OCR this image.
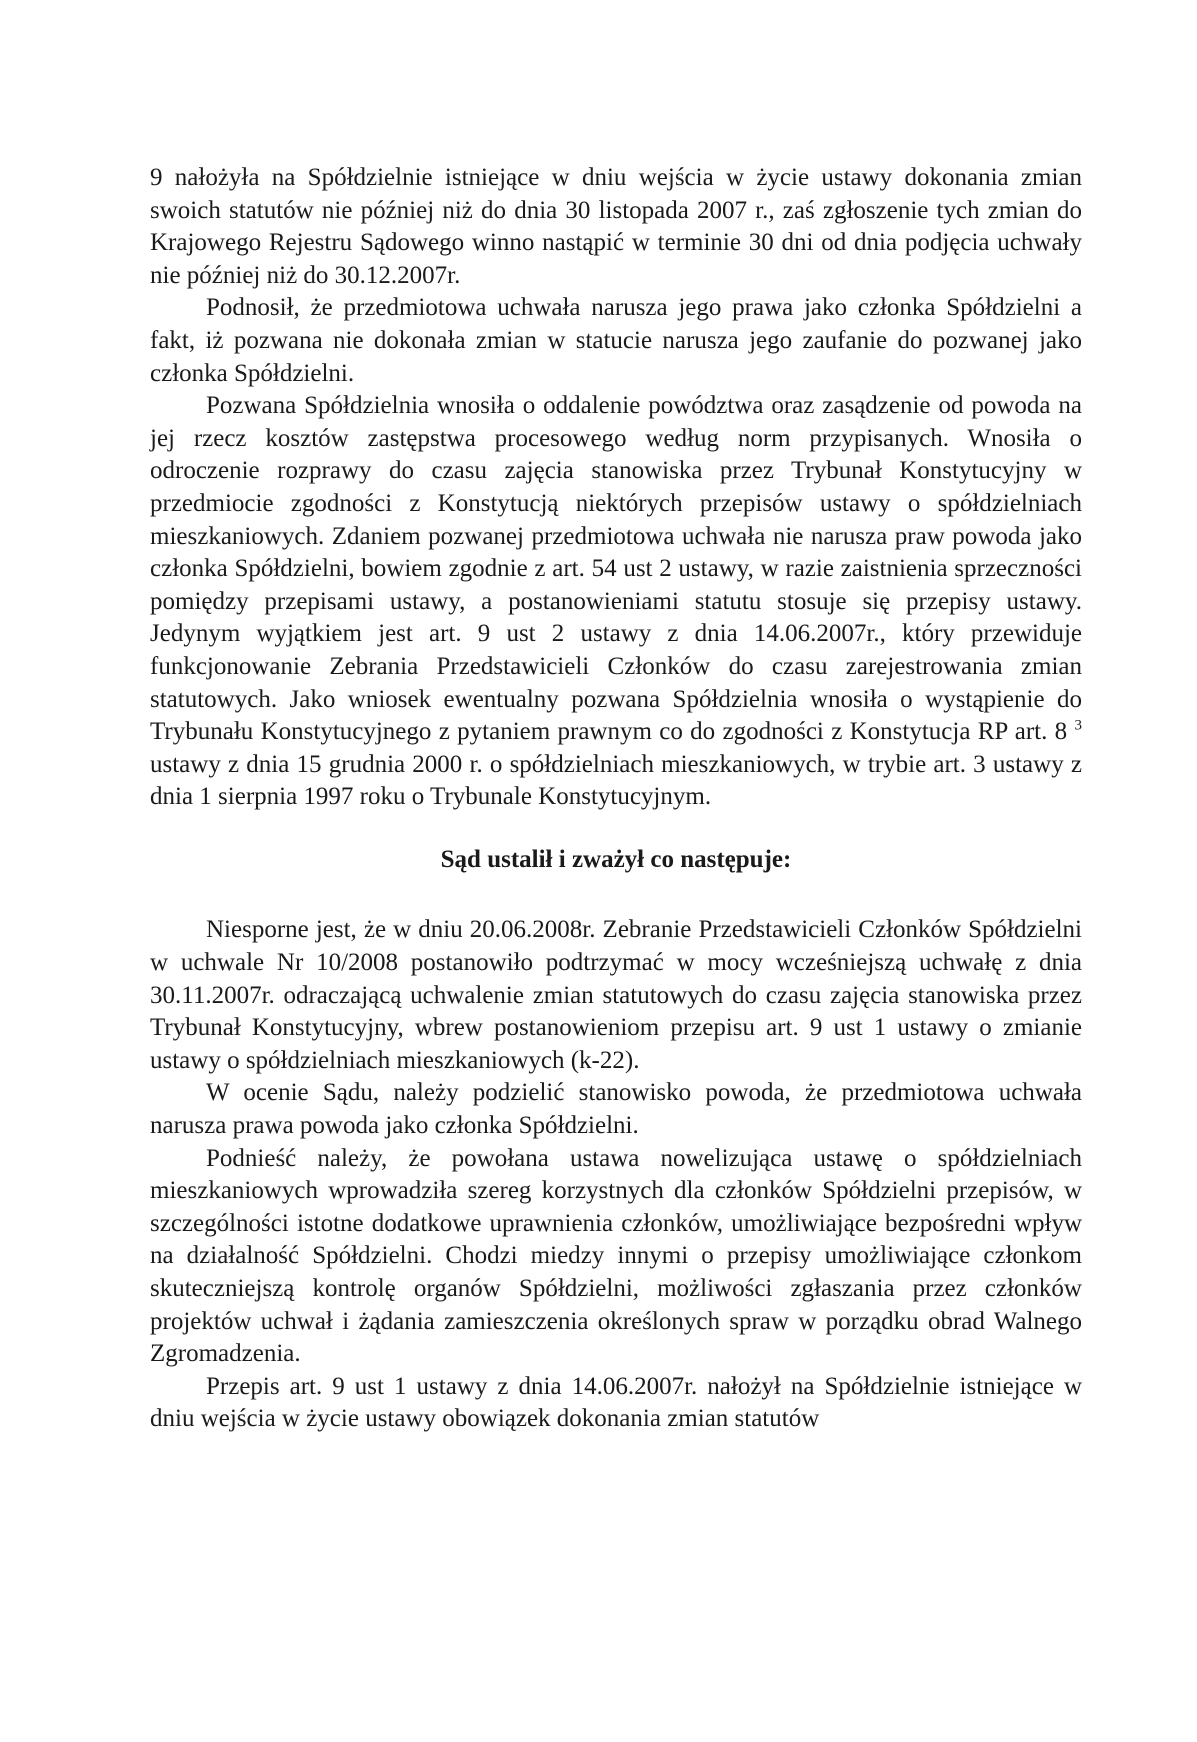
9 nałożyła na Spółdzielnie istniejące w dniu wejścia w życie ustawy dokonania zmian swoich statutów nie później niż do dnia 30 listopada 2007 r., zaś zgłoszenie tych zmian do Krajowego Rejestru Sądowego winno nastąpić w terminie 30 dni od dnia podjęcia uchwały nie później niż do 30.12.2007r.

Podnosił, że przedmiotowa uchwała narusza jego prawa jako członka Spółdzielni a fakt, iż pozwana nie dokonała zmian w statucie narusza jego zaufanie do pozwanej jako członka Spółdzielni.

Pozwana Spółdzielnia wnosiła o oddalenie powództwa oraz zasądzenie od powoda na jej rzecz kosztów zastępstwa procesowego według norm przypisanych. Wnosiła o odroczenie rozprawy do czasu zajęcia stanowiska przez Trybunał Konstytucyjny w przedmiocie zgodności z Konstytucją niektórych przepisów ustawy o spółdzielniach mieszkaniowych. Zdaniem pozwanej przedmiotowa uchwała nie narusza praw powoda jako członka Spółdzielni, bowiem zgodnie z art. 54 ust 2 ustawy, w razie zaistnienia sprzeczności pomiędzy przepisami ustawy, a postanowieniami statutu stosuje się przepisy ustawy. Jedynym wyjątkiem jest art. 9 ust 2 ustawy z dnia 14.06.2007r., który przewiduje funkcjonowanie Zebrania Przedstawicieli Członków do czasu zarejestrowania zmian statutowych. Jako wniosek ewentualny pozwana Spółdzielnia wnosiła o wystąpienie do Trybunału Konstytucyjnego z pytaniem prawnym co do zgodności z Konstytucja RP art. 8 $^3$ ustawy z dnia 15 grudnia 2000 r. o spółdzielniach mieszkaniowych, w trybie art. 3 ustawy z dnia 1 sierpnia 1997 roku o Trybunale Konstytucyjnym.

Sąd ustalił i zważył co następuje:

Niesporne jest, że w dniu 20.06.2008r. Zebranie Przedstawicieli Członków Spółdzielni w uchwale Nr 10/2008 postanowiło podtrzymać w mocy wcześniejszą uchwałę z dnia 30.11.2007r. odraczającą uchwalenie zmian statutowych do czasu zajęcia stanowiska przez Trybunał Konstytucyjny, wbrew postanowieniom przepisu art. 9 ust 1 ustawy o zmianie ustawy o spółdzielniach mieszkaniowych (k-22).

W ocenie Sądu, należy podzielić stanowisko powoda, że przedmiotowa uchwała narusza prawa powoda jako członka Spółdzielni.

Podnieść należy, że powołana ustawa nowelizująca ustawę o spółdzielniach mieszkaniowych wprowadziła szereg korzystnych dla członków Spółdzielni przepisów, w szczególności istotne dodatkowe uprawnienia członków, umożliwiające bezpośredni wpływ na działalność Spółdzielni. Chodzi miedzy innymi o przepisy umożliwiające członkom skuteczniejszą kontrolę organów Spółdzielni, możliwości zgłaszania przez członków projektów uchwał i żądania zamieszczenia określonych spraw w porządku obrad Walnego Zgromadzenia.

Przepis art. 9 ust 1 ustawy z dnia 14.06.2007r. nałożył na Spółdzielnie istniejące w dniu wejścia w życie ustawy obowiązek dokonania zmian statutów
